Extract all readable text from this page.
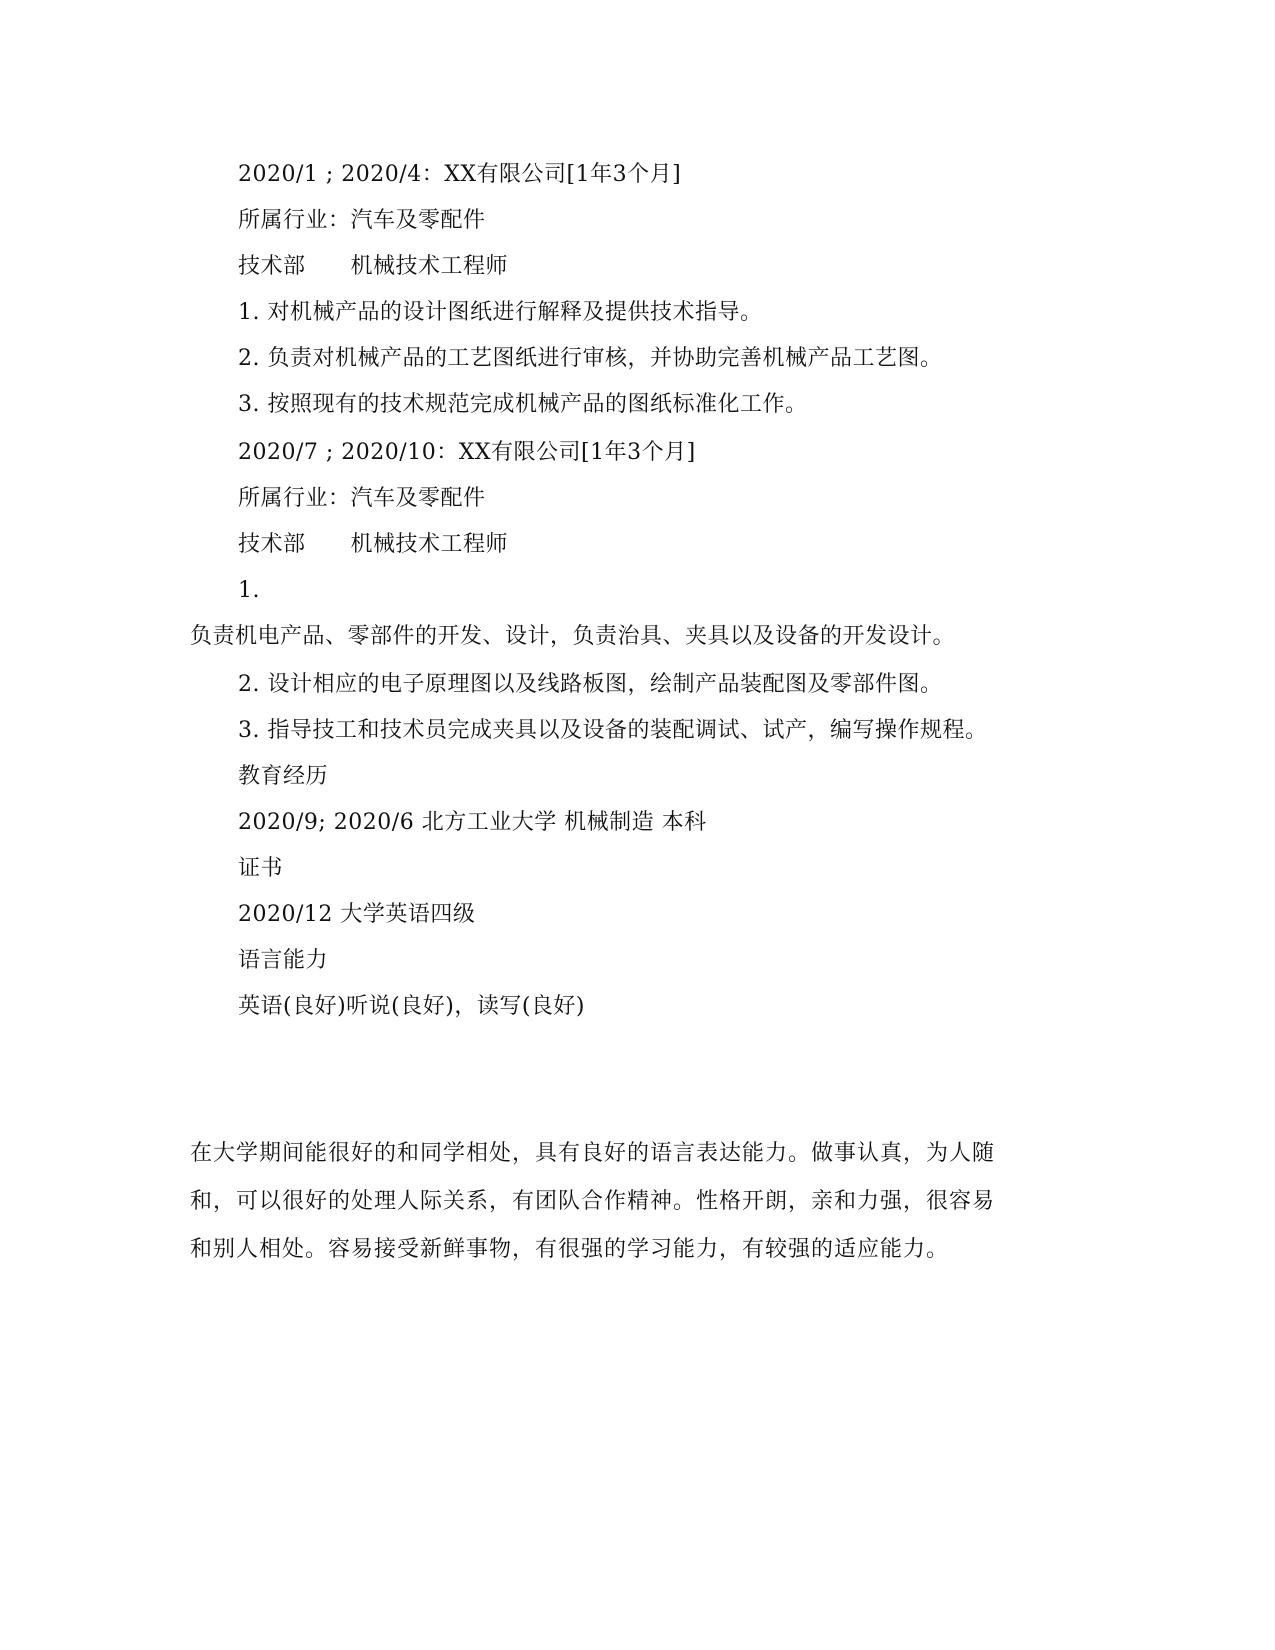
2020/1 ; 2020/4：XX有限公司[1年3个月]
所属行业：汽车及零配件
技术部      机械技术工程师
1. 对机械产品的设计图纸进行解释及提供技术指导。
2. 负责对机械产品的工艺图纸进行审核，并协助完善机械产品工艺图。
3. 按照现有的技术规范完成机械产品的图纸标准化工作。
2020/7 ; 2020/10：XX有限公司[1年3个月]
所属行业：汽车及零配件
技术部      机械技术工程师
1.
负责机电产品、零部件的开发、设计，负责治具、夹具以及设备的开发设计。
2. 设计相应的电子原理图以及线路板图，绘制产品装配图及零部件图。
3. 指导技工和技术员完成夹具以及设备的装配调试、试产，编写操作规程。
教育经历
2020/9; 2020/6 北方工业大学 机械制造 本科
证书
2020/12 大学英语四级
语言能力
英语(良好)听说(良好)，读写(良好)
在大学期间能很好的和同学相处，具有良好的语言表达能力。做事认真，为人随
和，可以很好的处理人际关系，有团队合作精神。性格开朗，亲和力强，很容易
和别人相处。容易接受新鲜事物，有很强的学习能力，有较强的适应能力。
